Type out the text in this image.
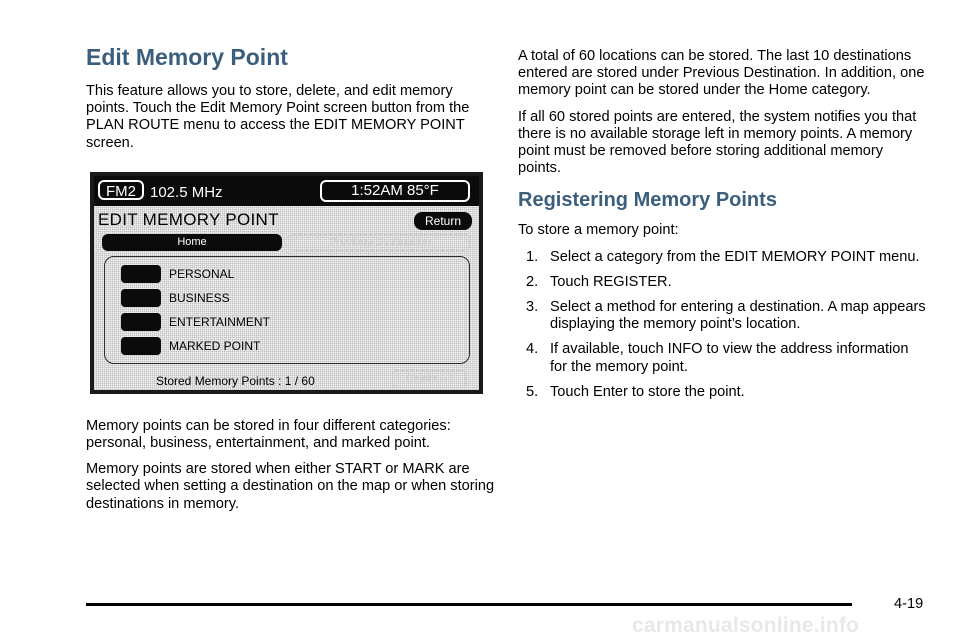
Edit Memory Point

This feature allows you to store, delete, and edit memory points. Touch the Edit Memory Point screen button from the PLAN ROUTE menu to access the EDIT MEMORY POINT screen.

FM2 102.5 MHz	1:52AM 85°F
EDIT MEMORY POINT	Return
Home	Previous Destination
PERSONAL
BUSINESS
ENTERTAINMENT
MARKED POINT
Stored Memory Points : 1 / 60	Delete All

Memory points can be stored in four different categories: personal, business, entertainment, and marked point.

Memory points are stored when either START or MARK are selected when setting a destination on the map or when storing destinations in memory.

A total of 60 locations can be stored. The last 10 destinations entered are stored under Previous Destination. In addition, one memory point can be stored under the Home category.

If all 60 stored points are entered, the system notifies you that there is no available storage left in memory points. A memory point must be removed before storing additional memory points.

Registering Memory Points

To store a memory point:

1. Select a category from the EDIT MEMORY POINT menu.
2. Touch REGISTER.
3. Select a method for entering a destination. A map appears displaying the memory point’s location.
4. If available, touch INFO to view the address information for the memory point.
5. Touch Enter to store the point.
4-19
carmanualsonline.info
